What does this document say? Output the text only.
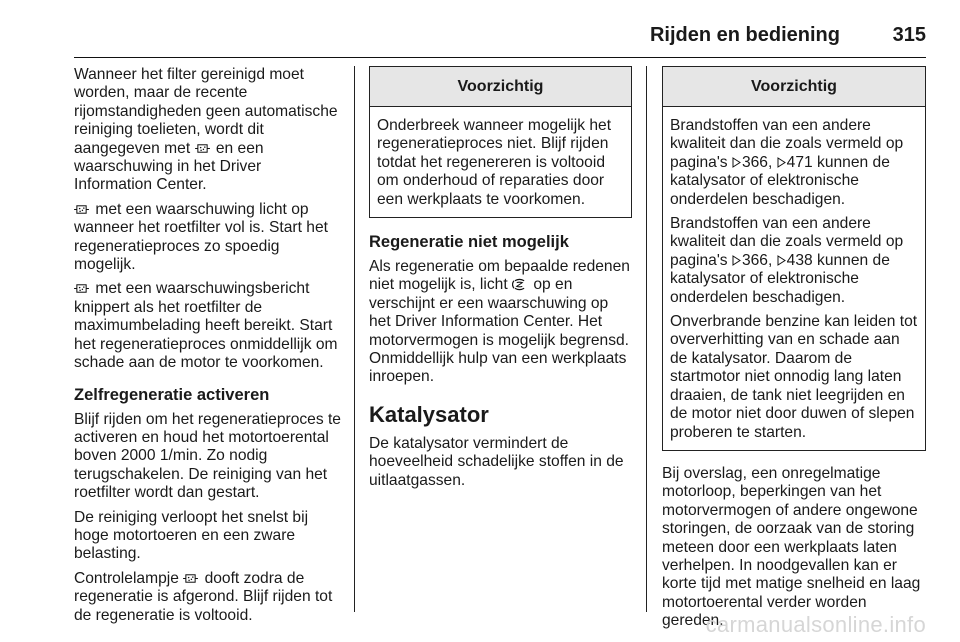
Rijden en bediening	315

Wanneer het filter gereinigd moet worden, maar de recente rijomstandigheden geen automatische reiniging toelieten, wordt dit aangegeven met en een waarschuwing in het Driver Information Center.

met een waarschuwing licht op wanneer het roetfilter vol is. Start het regeneratieproces zo spoedig mogelijk.

met een waarschuwingsbericht knippert als het roetfilter de maximumbelading heeft bereikt. Start het regeneratieproces onmiddellijk om schade aan de motor te voorkomen.

Zelfregeneratie activeren

Blijf rijden om het regeneratieproces te activeren en houd het motortoerental boven 2000 1/min. Zo nodig terugschakelen. De reiniging van het roetfilter wordt dan gestart.

De reiniging verloopt het snelst bij hoge motortoeren en een zware belasting.

Controlelampje dooft zodra de regeneratie is afgerond. Blijf rijden tot de regeneratie is voltooid.

Voorzichtig

Onderbreek wanneer mogelijk het regeneratieproces niet. Blijf rijden totdat het regenereren is voltooid om onderhoud of reparaties door een werkplaats te voorkomen.

Regeneratie niet mogelijk

Als regeneratie om bepaalde redenen niet mogelijk is, licht op en verschijnt er een waarschuwing op het Driver Information Center. Het motorvermogen is mogelijk begrensd. Onmiddellijk hulp van een werkplaats inroepen.

Katalysator

De katalysator vermindert de hoeveelheid schadelijke stoffen in de uitlaatgassen.

Voorzichtig

Brandstoffen van een andere kwaliteit dan die zoals vermeld op pagina's 366, 471 kunnen de katalysator of elektronische onderdelen beschadigen.

Brandstoffen van een andere kwaliteit dan die zoals vermeld op pagina's 366, 438 kunnen de katalysator of elektronische onderdelen beschadigen.

Onverbrande benzine kan leiden tot oververhitting van en schade aan de katalysator. Daarom de startmotor niet onnodig lang laten draaien, de tank niet leegrijden en de motor niet door duwen of slepen proberen te starten.

Bij overslag, een onregelmatige motorloop, beperkingen van het motorvermogen of andere ongewone storingen, de oorzaak van de storing meteen door een werkplaats laten verhelpen. In noodgevallen kan er korte tijd met matige snelheid en laag motortoerental verder worden gereden.

carmanualsonline.info
